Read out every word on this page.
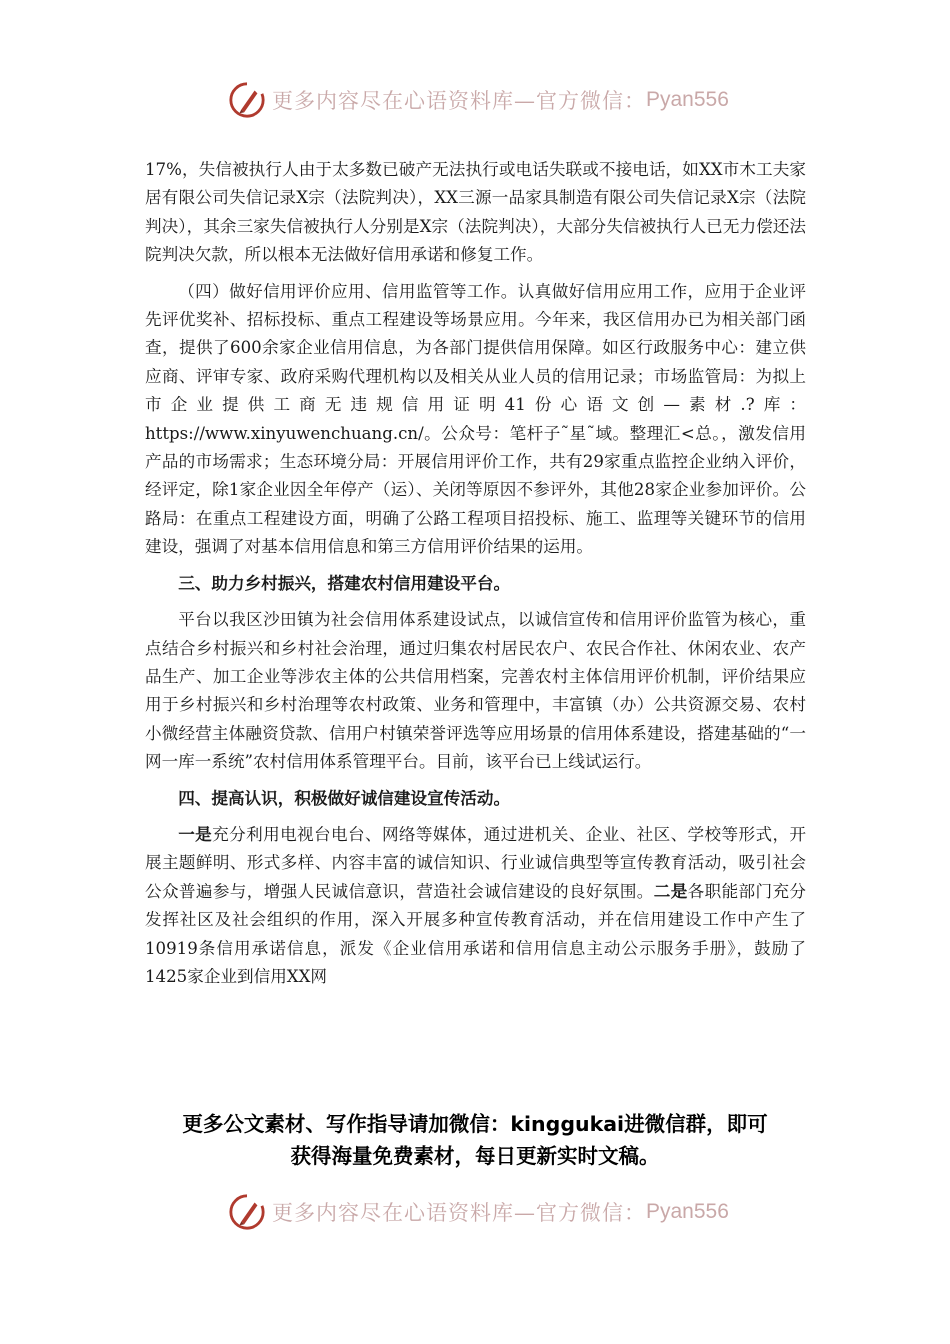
更多内容尽在心语资料库—官方微信： Pyan556

17%，失信被执行人由于太多数已破产无法执行或电话失联或不接电话，如XX市木工夫家居有限公司失信记录X宗（法院判决），XX三源一品家具制造有限公司失信记录X宗（法院判决），其余三家失信被执行人分别是X宗（法院判决），大部分失信被执行人已无力偿还法院判决欠款，所以根本无法做好信用承诺和修复工作。

（四）做好信用评价应用、信用监管等工作。认真做好信用应用工作，应用于企业评先评优奖补、招标投标、重点工程建设等场景应用。今年来，我区信用办已为相关部门函查，提供了600余家企业信用信息，为各部门提供信用保障。如区行政服务中心：建立供应商、评审专家、政府采购代理机构以及相关从业人员的信用记录；市场监管局：为拟上市企业提供工商无违规信用证明41份心语文创—素材.?库：https://www.xinyuwenchuang.cn/。公众号：笔杆子˜星˜域。整理汇<总。，激发信用产品的市场需求；生态环境分局：开展信用评价工作，共有29家重点监控企业纳入评价，经评定，除1家企业因全年停产（运）、关闭等原因不参评外，其他28家企业参加评价。公路局：在重点工程建设方面，明确了公路工程项目招投标、施工、监理等关键环节的信用建设，强调了对基本信用信息和第三方信用评价结果的运用。

三、助力乡村振兴，搭建农村信用建设平台。

平台以我区沙田镇为社会信用体系建设试点，以诚信宣传和信用评价监管为核心，重点结合乡村振兴和乡村社会治理，通过归集农村居民农户、农民合作社、休闲农业、农产品生产、加工企业等涉农主体的公共信用档案，完善农村主体信用评价机制，评价结果应用于乡村振兴和乡村治理等农村政策、业务和管理中，丰富镇（办）公共资源交易、农村小微经营主体融资贷款、信用户村镇荣誉评选等应用场景的信用体系建设，搭建基础的“一网一库一系统”农村信用体系管理平台。目前，该平台已上线试运行。

四、提高认识，积极做好诚信建设宣传活动。

一是充分利用电视台电台、网络等媒体，通过进机关、企业、社区、学校等形式，开展主题鲜明、形式多样、内容丰富的诚信知识、行业诚信典型等宣传教育活动，吸引社会公众普遍参与，增强人民诚信意识，营造社会诚信建设的良好氛围。二是各职能部门充分发挥社区及社会组织的作用，深入开展多种宣传教育活动，并在信用建设工作中产生了10919条信用承诺信息，派发《企业信用承诺和信用信息主动公示服务手册》，鼓励了1425家企业到信用XX网

更多公文素材、写作指导请加微信：kinggukai进微信群，即可
获得海量免费素材，每日更新实时文稿。
更多内容尽在心语资料库—官方微信： Pyan556
